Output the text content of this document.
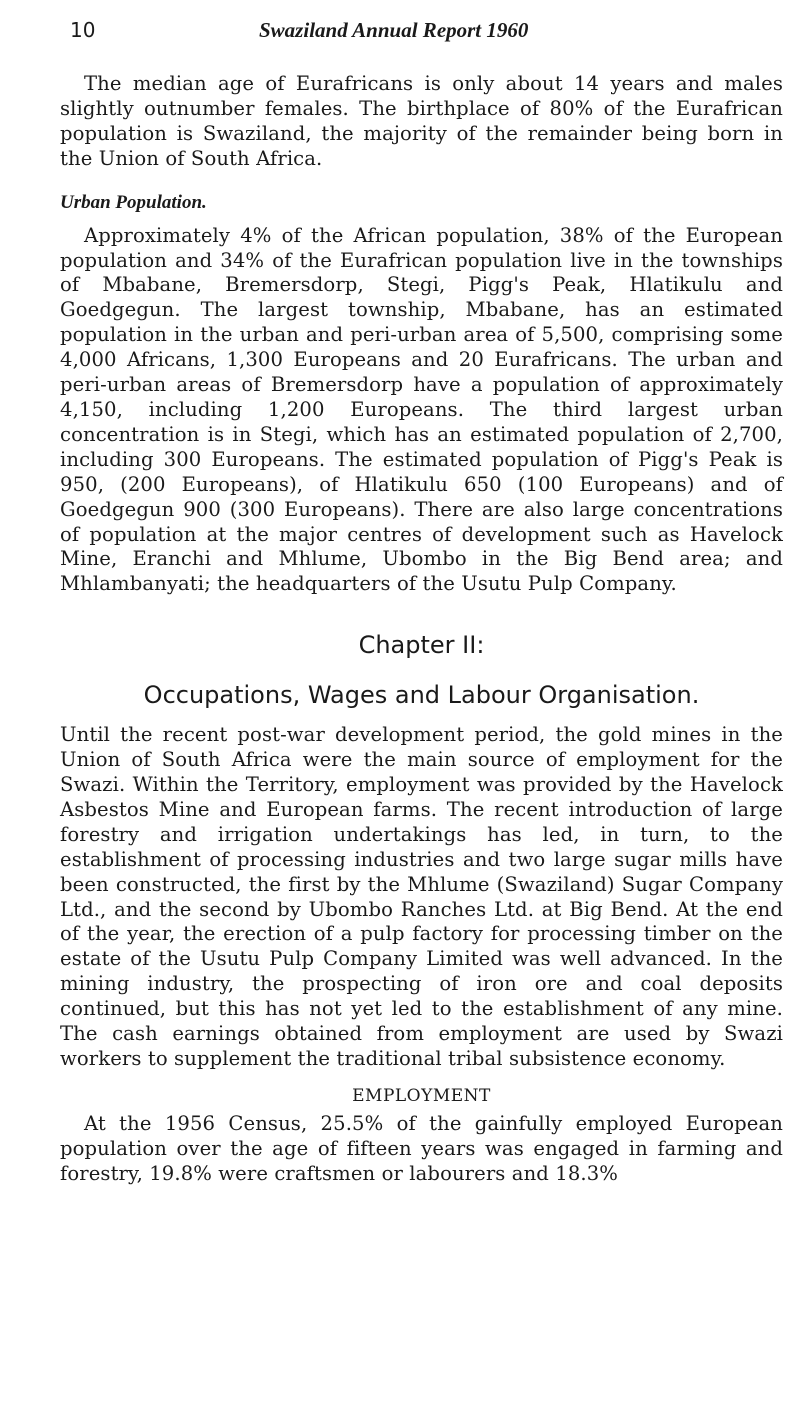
10	Swaziland Annual Report 1960

The median age of Eurafricans is only about 14 years and males slightly outnumber females. The birthplace of 80% of the Eurafrican population is Swaziland, the majority of the remainder being born in the Union of South Africa.

Urban Population.

Approximately 4% of the African population, 38% of the European population and 34% of the Eurafrican population live in the townships of Mbabane, Bremersdorp, Stegi, Pigg's Peak, Hlatikulu and Goedgegun. The largest township, Mbabane, has an estimated population in the urban and peri-urban area of 5,500, comprising some 4,000 Africans, 1,300 Europeans and 20 Eurafricans. The urban and peri-urban areas of Bremersdorp have a population of approximately 4,150, including 1,200 Europeans. The third largest urban concentration is in Stegi, which has an estimated population of 2,700, including 300 Europeans. The estimated population of Pigg's Peak is 950, (200 Europeans), of Hlatikulu 650 (100 Europeans) and of Goedgegun 900 (300 Europeans). There are also large concentrations of population at the major centres of development such as Havelock Mine, Eranchi and Mhlume, Ubombo in the Big Bend area; and Mhlambanyati; the headquarters of the Usutu Pulp Company.

Chapter II:
Occupations, Wages and Labour Organisation.

Until the recent post-war development period, the gold mines in the Union of South Africa were the main source of employment for the Swazi. Within the Territory, employment was provided by the Havelock Asbestos Mine and European farms. The recent introduction of large forestry and irrigation undertakings has led, in turn, to the establishment of processing industries and two large sugar mills have been constructed, the first by the Mhlume (Swaziland) Sugar Company Ltd., and the second by Ubombo Ranches Ltd. at Big Bend. At the end of the year, the erection of a pulp factory for processing timber on the estate of the Usutu Pulp Company Limited was well advanced. In the mining industry, the prospecting of iron ore and coal deposits continued, but this has not yet led to the establishment of any mine. The cash earnings obtained from employment are used by Swazi workers to supplement the traditional tribal subsistence economy.

EMPLOYMENT

At the 1956 Census, 25.5% of the gainfully employed European population over the age of fifteen years was engaged in farming and forestry, 19.8% were craftsmen or labourers and 18.3%
